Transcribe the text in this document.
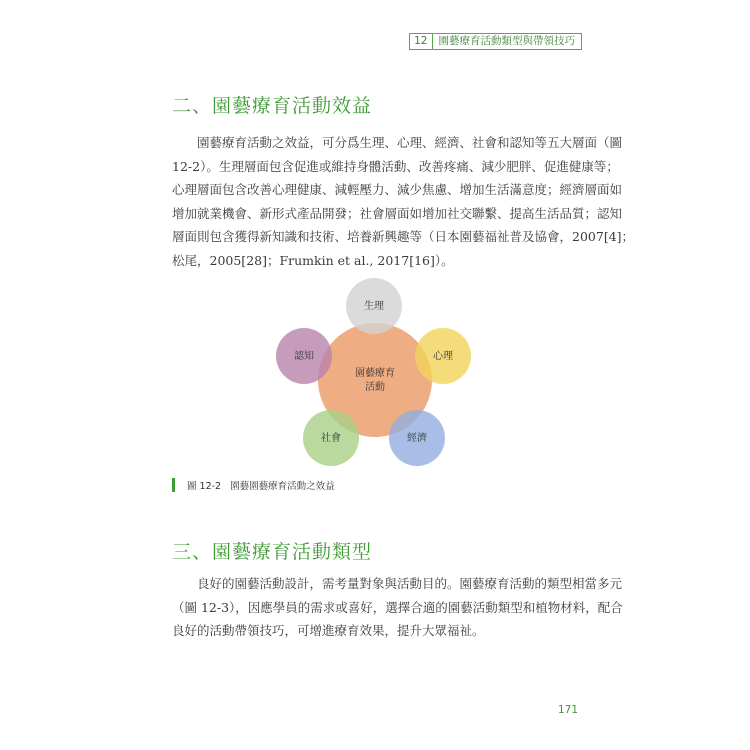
12	園藝療育活動類型與帶領技巧
二、園藝療育活動效益
　　園藝療育活動之效益，可分爲生理、心理、經濟、社會和認知等五大層面（圖
12-2）。生理層面包含促進或維持身體活動、改善疼痛、減少肥胖、促進健康等；
心理層面包含改善心理健康、減輕壓力、減少焦慮、增加生活滿意度；經濟層面如
增加就業機會、新形式產品開發；社會層面如增加社交聯繫、提高生活品質；認知
層面則包含獲得新知識和技術、培養新興趣等（日本園藝福祉普及協會，2007[4]；
松尾，2005[28]；Frumkin et al., 2017[16]）。
園藝療育
活動
生理
心理
經濟
社會
認知
圖 12-2 園藝園藝療育活動之效益
三、園藝療育活動類型
　　良好的園藝活動設計，需考量對象與活動目的。園藝療育活動的類型相當多元
（圖 12-3），因應學員的需求或喜好，選擇合適的園藝活動類型和植物材料，配合
良好的活動帶領技巧，可增進療育效果，提升大眾福祉。
171
